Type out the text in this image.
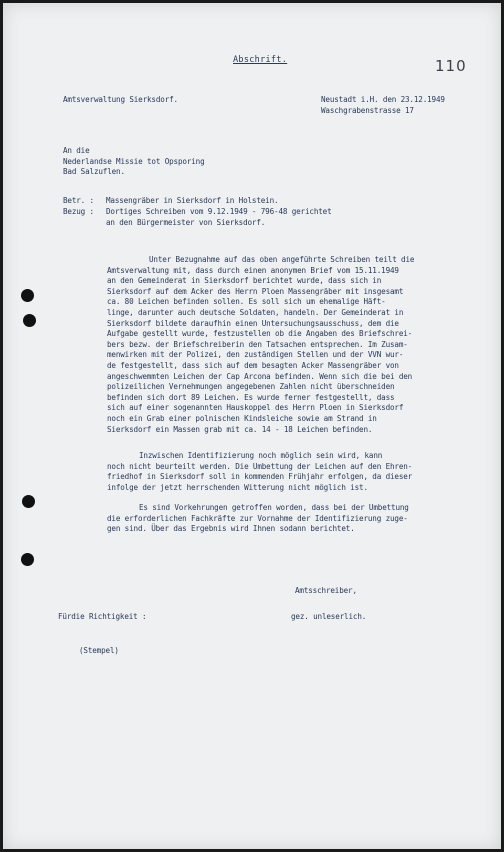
Abschrift.	110
Amtsverwaltung Sierksdorf.	Neustadt i.H. den 23.12.1949
Waschgrabenstrasse 17
An die
Nederlandse Missie tot Opsporing
Bad Salzuflen.
Betr. : Massengräber in Sierksdorf in Holstein.
Bezug : Dortiges Schreiben vom 9.12.1949 - 796-48 gerichtet
an den Bürgermeister von Sierksdorf.
Unter Bezugnahme auf das oben angeführte Schreiben teilt die
Amtsverwaltung mit, dass durch einen anonymen Brief vom 15.11.1949
an den Gemeinderat in Sierksdorf berichtet wurde, dass sich in
Sierksdorf auf dem Acker des Herrn Ploen Massengräber mit insgesamt
ca. 80 Leichen befinden sollen. Es soll sich um ehemalige Häft-
linge, darunter auch deutsche Soldaten, handeln. Der Gemeinderat in
Sierksdorf bildete daraufhin einen Untersuchungsausschuss, dem die
Aufgabe gestellt wurde, festzustellen ob die Angaben des Briefschrei-
bers bezw. der Briefschreiberin den Tatsachen entsprechen. Im Zusam-
menwirken mit der Polizei, den zuständigen Stellen und der VVN wur-
de festgestellt, dass sich auf dem besagten Acker Massengräber von
angeschwemmten Leichen der Cap Arcona befinden. Wenn sich die bei den
polizeilichen Vernehmungen angegebenen Zahlen nicht überschneiden
befinden sich dort 89 Leichen. Es wurde ferner festgestellt, dass
sich auf einer sogenannten Hauskoppel des Herrn Ploen in Sierksdorf
noch ein Grab einer polnischen Kindsleiche sowie am Strand in
Sierksdorf ein Massen grab mit ca. 14 - 18 Leichen befinden.
Inzwischen Identifizierung noch möglich sein wird, kann
noch nicht beurteilt werden. Die Umbettung der Leichen auf den Ehren-
friedhof in Sierksdorf soll in kommenden Frühjahr erfolgen, da dieser
infolge der jetzt herrschenden Witterung nicht möglich ist.
Es sind Vorkehrungen getroffen worden, dass bei der Umbettung
die erforderlichen Fachkräfte zur Vornahme der Identifizierung zuge-
gen sind. Über das Ergebnis wird Ihnen sodann berichtet.
Amtsschreiber,
gez. unleserlich.
Fürdie Richtigkeit :
(Stempel)
